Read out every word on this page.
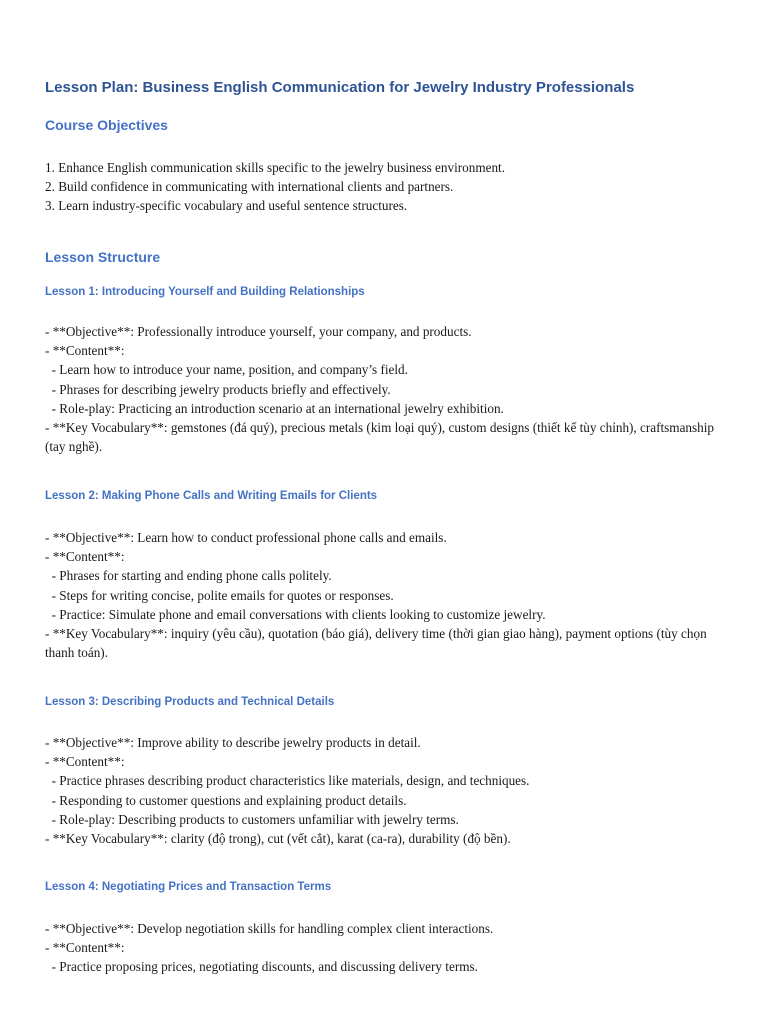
Lesson Plan: Business English Communication for Jewelry Industry Professionals
Course Objectives
1. Enhance English communication skills specific to the jewelry business environment.
2. Build confidence in communicating with international clients and partners.
3. Learn industry-specific vocabulary and useful sentence structures.
Lesson Structure
Lesson 1: Introducing Yourself and Building Relationships
- **Objective**: Professionally introduce yourself, your company, and products.
- **Content**:
- Learn how to introduce your name, position, and company’s field.
- Phrases for describing jewelry products briefly and effectively.
- Role-play: Practicing an introduction scenario at an international jewelry exhibition.
- **Key Vocabulary**: gemstones (đá quý), precious metals (kim loại quý), custom designs (thiết kế tùy chỉnh), craftsmanship (tay nghề).
Lesson 2: Making Phone Calls and Writing Emails for Clients
- **Objective**: Learn how to conduct professional phone calls and emails.
- **Content**:
- Phrases for starting and ending phone calls politely.
- Steps for writing concise, polite emails for quotes or responses.
- Practice: Simulate phone and email conversations with clients looking to customize jewelry.
- **Key Vocabulary**: inquiry (yêu cầu), quotation (báo giá), delivery time (thời gian giao hàng), payment options (tùy chọn thanh toán).
Lesson 3: Describing Products and Technical Details
- **Objective**: Improve ability to describe jewelry products in detail.
- **Content**:
- Practice phrases describing product characteristics like materials, design, and techniques.
- Responding to customer questions and explaining product details.
- Role-play: Describing products to customers unfamiliar with jewelry terms.
- **Key Vocabulary**: clarity (độ trong), cut (vết cắt), karat (ca-ra), durability (độ bền).
Lesson 4: Negotiating Prices and Transaction Terms
- **Objective**: Develop negotiation skills for handling complex client interactions.
- **Content**:
- Practice proposing prices, negotiating discounts, and discussing delivery terms.
